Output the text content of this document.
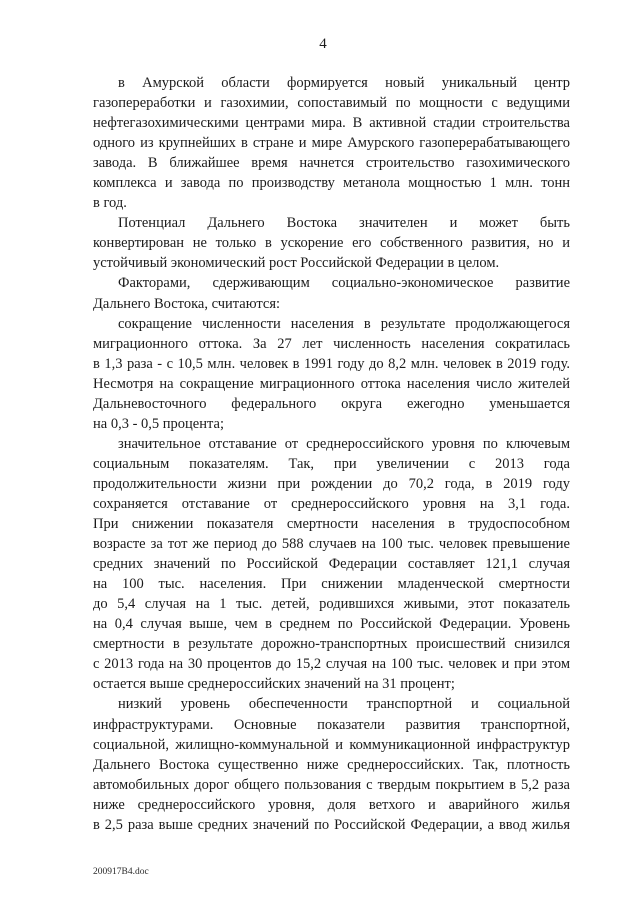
4
в Амурской области формируется новый уникальный центр
газопереработки и газохимии, сопоставимый по мощности с ведущими
нефтегазохимическими центрами мира. В активной стадии строительства
одного из крупнейших в стране и мире Амурского газоперерабатывающего
завода. В ближайшее время начнется строительство газохимического
комплекса и завода по производству метанола мощностью 1 млн. тонн
в год.
Потенциал Дальнего Востока значителен и может быть
конвертирован не только в ускорение его собственного развития, но и
устойчивый экономический рост Российской Федерации в целом.
Факторами, сдерживающим социально-экономическое развитие
Дальнего Востока, считаются:
сокращение численности населения в результате продолжающегося
миграционного оттока. За 27 лет численность населения сократилась
в 1,3 раза - с 10,5 млн. человек в 1991 году до 8,2 млн. человек в 2019 году.
Несмотря на сокращение миграционного оттока населения число жителей
Дальневосточного федерального округа ежегодно уменьшается
на 0,3 - 0,5 процента;
значительное отставание от среднероссийского уровня по ключевым
социальным показателям. Так, при увеличении с 2013 года
продолжительности жизни при рождении до 70,2 года, в 2019 году
сохраняется отставание от среднероссийского уровня на 3,1 года.
При снижении показателя смертности населения в трудоспособном
возрасте за тот же период до 588 случаев на 100 тыс. человек превышение
средних значений по Российской Федерации составляет 121,1 случая
на 100 тыс. населения. При снижении младенческой смертности
до 5,4 случая на 1 тыс. детей, родившихся живыми, этот показатель
на 0,4 случая выше, чем в среднем по Российской Федерации. Уровень
смертности в результате дорожно-транспортных происшествий снизился
с 2013 года на 30 процентов до 15,2 случая на 100 тыс. человек и при этом
остается выше среднероссийских значений на 31 процент;
низкий уровень обеспеченности транспортной и социальной
инфраструктурами. Основные показатели развития транспортной,
социальной, жилищно-коммунальной и коммуникационной инфраструктур
Дальнего Востока существенно ниже среднероссийских. Так, плотность
автомобильных дорог общего пользования с твердым покрытием в 5,2 раза
ниже среднероссийского уровня, доля ветхого и аварийного жилья
в 2,5 раза выше средних значений по Российской Федерации, а ввод жилья
200917В4.doc
